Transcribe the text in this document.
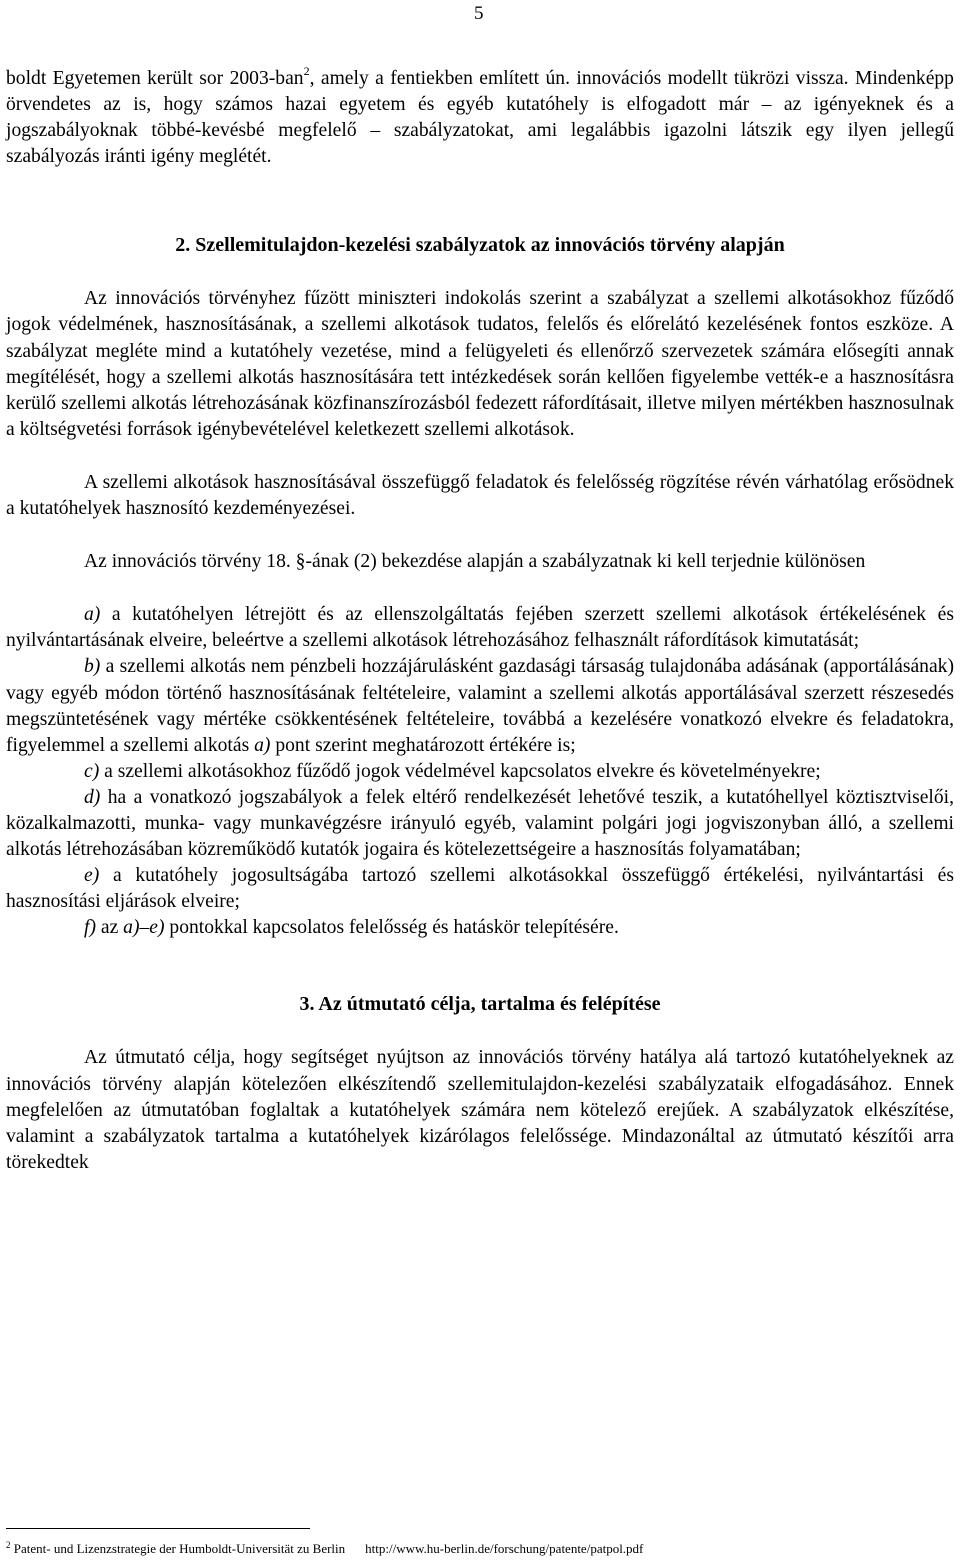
5

boldt Egyetemen került sor 2003-ban$^2$, amely a fentiekben említett ún. innovációs modellt tükrözi vissza. Mindenképp örvendetes az is, hogy számos hazai egyetem és egyéb kutatóhely is elfogadott már – az igényeknek és a jogszabályoknak többé-kevésbé megfelelő – szabályzatokat, ami legalábbis igazolni látszik egy ilyen jellegű szabályozás iránti igény meglétét.

2. Szellemitulajdon-kezelési szabályzatok az innovációs törvény alapján

Az innovációs törvényhez fűzött miniszteri indokolás szerint a szabályzat a szellemi alkotásokhoz fűződő jogok védelmének, hasznosításának, a szellemi alkotások tudatos, felelős és előrelátó kezelésének fontos eszköze. A szabályzat megléte mind a kutatóhely vezetése, mind a felügyeleti és ellenőrző szervezetek számára elősegíti annak megítélését, hogy a szellemi alkotás hasznosítására tett intézkedések során kellően figyelembe vették-e a hasznosításra kerülő szellemi alkotás létrehozásának közfinanszírozásból fedezett ráfordításait, illetve milyen mértékben hasznosulnak a költségvetési források igénybevételével keletkezett szellemi alkotások.

A szellemi alkotások hasznosításával összefüggő feladatok és felelősség rögzítése révén várhatólag erősödnek a kutatóhelyek hasznosító kezdeményezései.

Az innovációs törvény 18. §-ának (2) bekezdése alapján a szabályzatnak ki kell terjednie különösen

a) a kutatóhelyen létrejött és az ellenszolgáltatás fejében szerzett szellemi alkotások értékelésének és nyilvántartásának elveire, beleértve a szellemi alkotások létrehozásához felhasznált ráfordítások kimutatását;

b) a szellemi alkotás nem pénzbeli hozzájárulásként gazdasági társaság tulajdonába adásának (apportálásának) vagy egyéb módon történő hasznosításának feltételeire, valamint a szellemi alkotás apportálásával szerzett részesedés megszüntetésének vagy mértéke csökkentésének feltételeire, továbbá a kezelésére vonatkozó elvekre és feladatokra, figyelemmel a szellemi alkotás a) pont szerint meghatározott értékére is;

c) a szellemi alkotásokhoz fűződő jogok védelmével kapcsolatos elvekre és követelményekre;

d) ha a vonatkozó jogszabályok a felek eltérő rendelkezését lehetővé teszik, a kutatóhellyel köztisztviselői, közalkalmazotti, munka- vagy munkavégzésre irányuló egyéb, valamint polgári jogi jogviszonyban álló, a szellemi alkotás létrehozásában közreműködő kutatók jogaira és kötelezettségeire a hasznosítás folyamatában;

e) a kutatóhely jogosultságába tartozó szellemi alkotásokkal összefüggő értékelési, nyilvántartási és hasznosítási eljárások elveire;

f) az a)–e) pontokkal kapcsolatos felelősség és hatáskör telepítésére.

3. Az útmutató célja, tartalma és felépítése

Az útmutató célja, hogy segítséget nyújtson az innovációs törvény hatálya alá tartozó kutatóhelyeknek az innovációs törvény alapján kötelezően elkészítendő szellemitulajdon-kezelési szabályzataik elfogadásához. Ennek megfelelően az útmutatóban foglaltak a kutatóhelyek számára nem kötelező erejűek. A szabályzatok elkészítése, valamint a szabályzatok tartalma a kutatóhelyek kizárólagos felelőssége. Mindazonáltal az útmutató készítői arra törekedtek

$^2$ Patent- und Lizenzstrategie der Humboldt-Universität zu Berlin http://www.hu-berlin.de/forschung/patente/patpol.pdf
